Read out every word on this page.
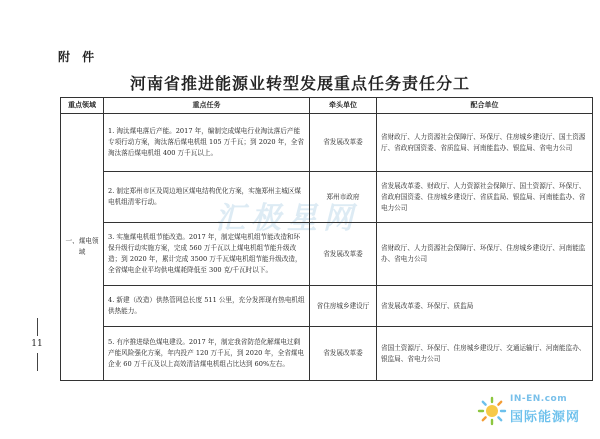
附 件
河南省推进能源业转型发展重点任务责任分工
汇极星网
重点领域	重点任务	牵头单位	配合单位
一、煤电领域	1. 淘汰煤电落后产能。2017 年，编制完成煤电行业淘汰落后产能专项行动方案，淘汰落后煤电机组 105 万千瓦；到 2020 年，全省淘汰落后煤电机组 400 万千瓦以上。	省发展改革委	省财政厅、人力资源社会保障厅、环保厅、住房城乡建设厅、国土资源厅、省政府国资委、省质监局、河南能监办、银监局、省电力公司
	2. 制定郑州市区及周边地区煤电结构优化方案，实施郑州主城区煤电机组清零行动。	郑州市政府	省发展改革委、财政厅、人力资源社会保障厅、国土资源厅、环保厅、省政府国资委、住房城乡建设厅、省质监局、银监局、河南能监办、省电力公司
	3. 实施煤电机组节能改造。2017 年，制定煤电机组节能改造和环保升级行动实施方案，完成 560 万千瓦以上煤电机组节能升级改造；到 2020 年，累计完成 3500 万千瓦煤电机组节能升级改造，全省煤电企业平均供电煤耗降低至 300 克/千瓦时以下。	省发展改革委	省财政厅、人力资源社会保障厅、环保厅、住房城乡建设厅、河南能监办、省电力公司
	4. 新建（改造）供热管网总长度 511 公里，充分发挥现有热电机组供热能力。	省住房城乡建设厅	省发展改革委、环保厅、质监局
	5. 有序推进绿色煤电建设。2017 年，制定我省防范化解煤电过剩产能风险强化方案，年内投产 120 万千瓦，到 2020 年，全省煤电企业 60 万千瓦及以上高效清洁煤电机组占比达到 60%左右。	省发展改革委	省国土资源厅、环保厅、住房城乡建设厅、交通运输厅、河南能监办、银监局、省电力公司
11
IN-EN.com
国际能源网
